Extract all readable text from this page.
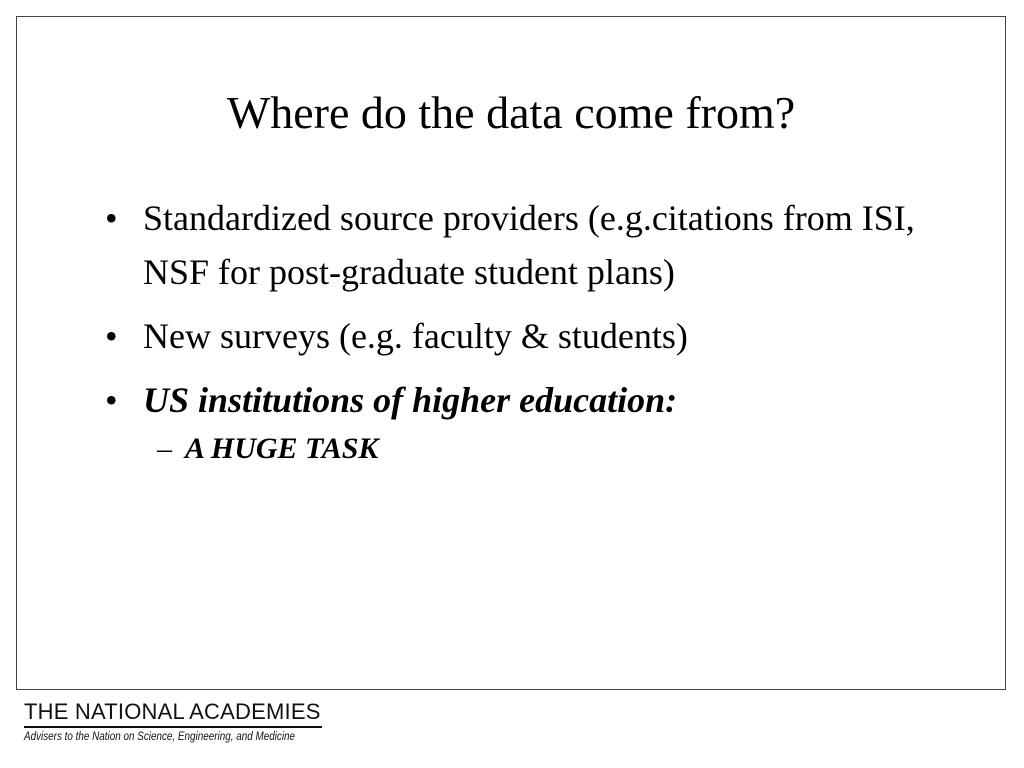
Where do the data come from?
• Standardized source providers (e.g.citations from ISI, NSF for post-graduate student plans)
• New surveys (e.g. faculty & students)
• US institutions of higher education:
– A HUGE TASK
THE NATIONAL ACADEMIES
Advisers to the Nation on Science, Engineering, and Medicine
